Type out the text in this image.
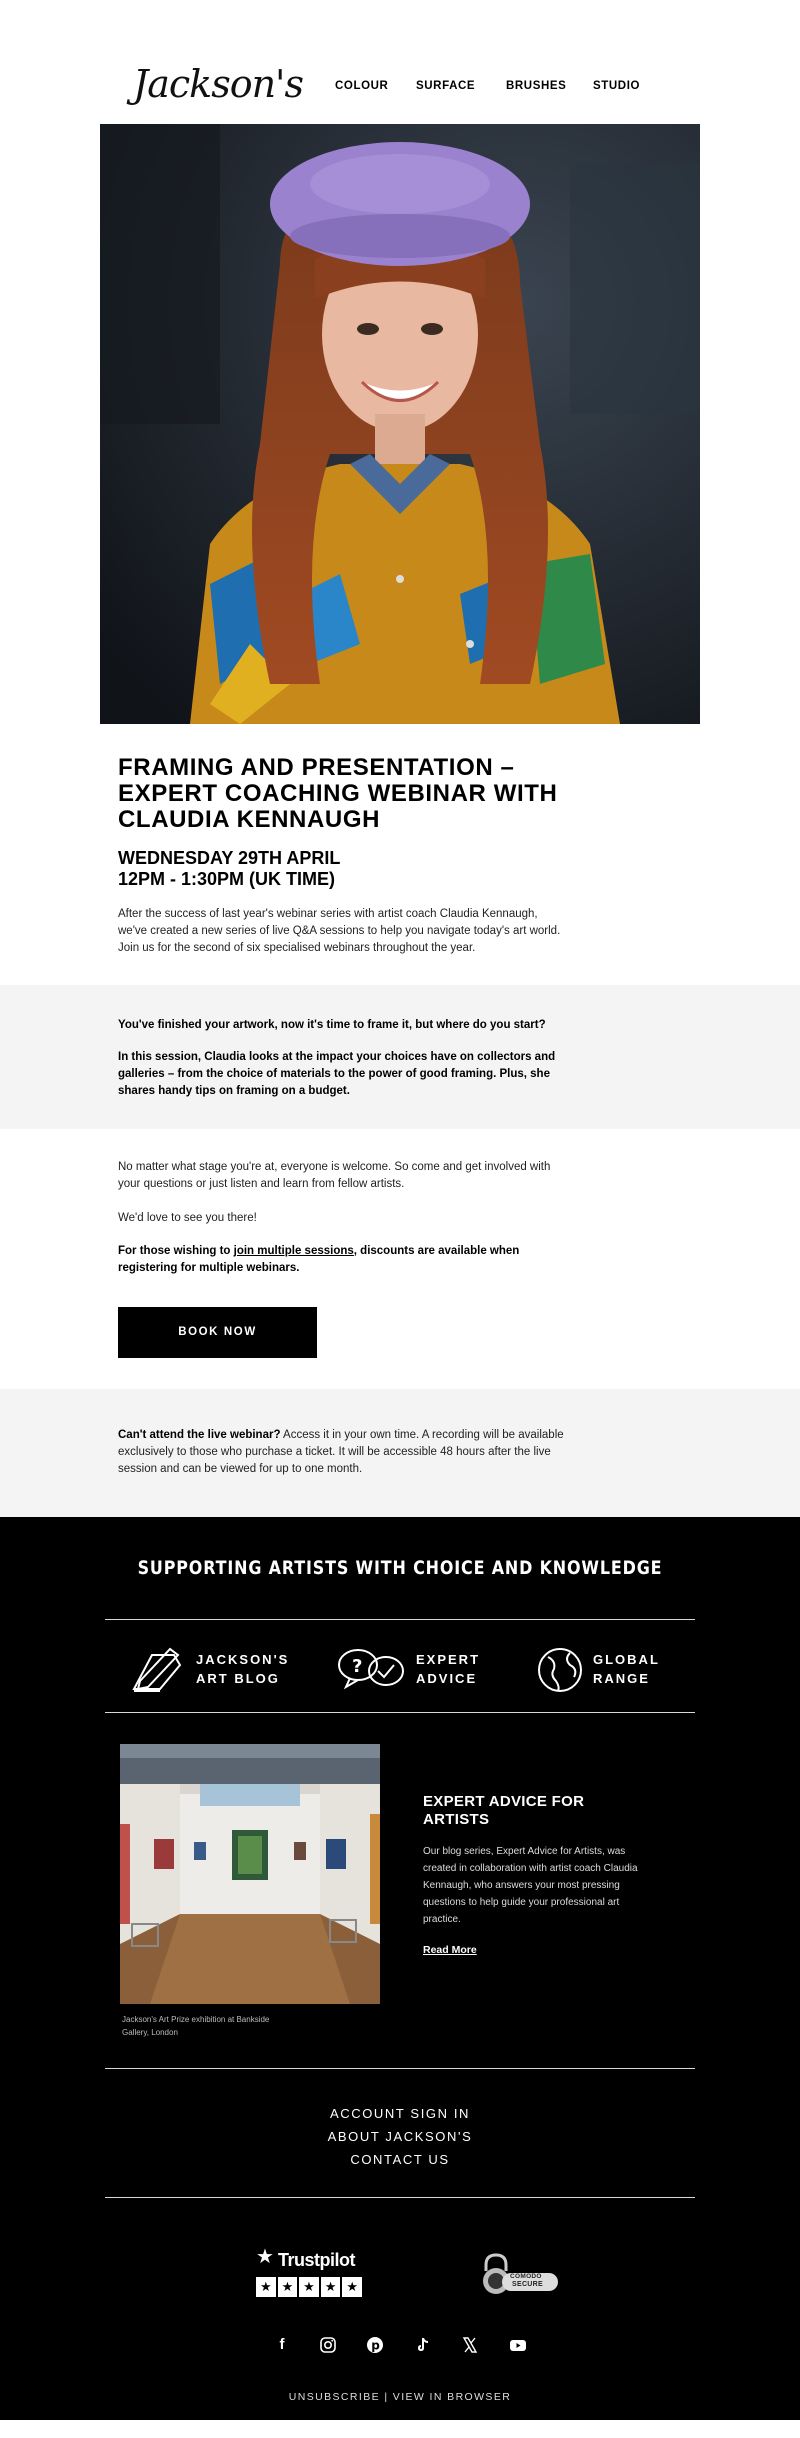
Jackson's	COLOUR SURFACE	BRUSHES STUDIO
FRAMING AND PRESENTATION – EXPERT COACHING WEBINAR WITH CLAUDIA KENNAUGH
WEDNESDAY 29TH APRIL
12PM - 1:30PM (UK TIME)

After the success of last year's webinar series with artist coach Claudia Kennaugh, we've created a new series of live Q&A sessions to help you navigate today's art world. Join us for the second of six specialised webinars throughout the year.

You've finished your artwork, now it's time to frame it, but where do you start?

In this session, Claudia looks at the impact your choices have on collectors and galleries – from the choice of materials to the power of good framing. Plus, she shares handy tips on framing on a budget.

No matter what stage you're at, everyone is welcome. So come and get involved with your questions or just listen and learn from fellow artists.

We'd love to see you there!

For those wishing to join multiple sessions, discounts are available when registering for multiple webinars.

BOOK NOW

Can't attend the live webinar? Access it in your own time. A recording will be available exclusively to those who purchase a ticket. It will be accessible 48 hours after the live session and can be viewed for up to one month.

SUPPORTING ARTISTS WITH CHOICE AND KNOWLEDGE
JACKSON'S
ART BLOG
?	EXPERT
ADVICE
GLOBAL
RANGE
Jackson's Art Prize exhibition at Bankside Gallery, London
EXPERT ADVICE FOR ARTISTS
Our blog series, Expert Advice for Artists, was created in collaboration with artist coach Claudia Kennaugh, who answers your most pressing questions to help guide your professional art practice.
Read More
ACCOUNT SIGN IN
ABOUT JACKSON'S
CONTACT US
★ Trustpilot
★ ★ ★ ★ ★
COMODO
SECURE
f	p
UNSUBSCRIBE | VIEW IN BROWSER
